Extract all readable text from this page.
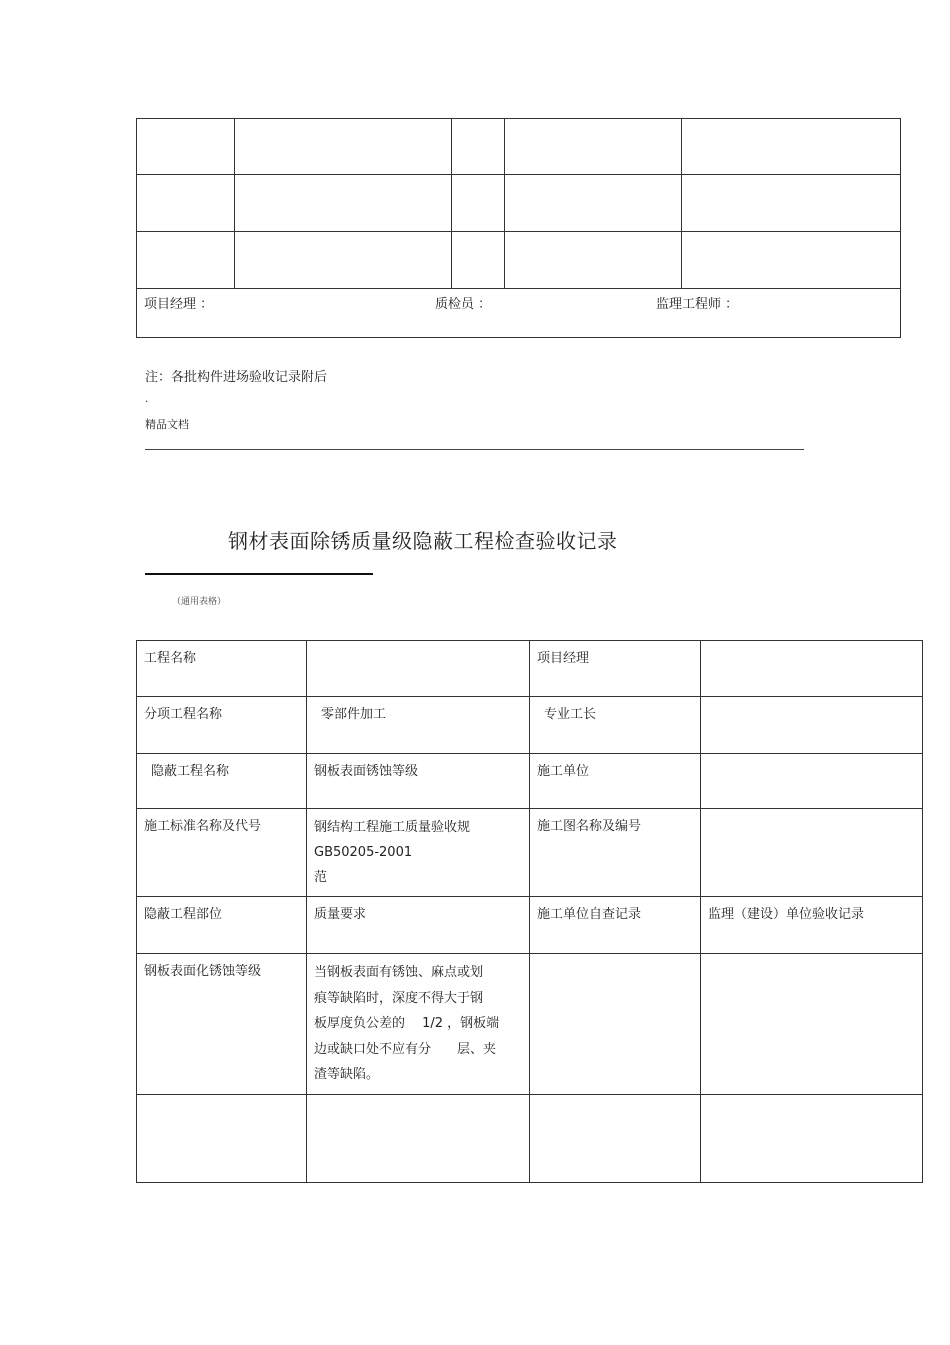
项目经理 ： 质检员 ： 监理工程师 ：				
注：各批构件进场验收记录附后
.
精品文档
钢材表面除锈质量级隐蔽工程检查验收记录
（通用表格）
工程名称		项目经理	

分项工程名称	零部件加工	专业工长	

隐蔽工程名称	钢板表面锈蚀等级	施工单位	

施工标准名称及代号	钢结构工程施工质量验收规
GB50205-2001
范	施工图名称及编号	

隐蔽工程部位	质量要求	施工单位自查记录	监理（建设）单位验收记录

钢板表面化锈蚀等级	当钢板表面有锈蚀、麻点或划
痕等缺陷时，深度不得大于钢
板厚度负公差的　 1/2 ，钢板端
边或缺口处不应有分　　层、夹
渣等缺陷。		
